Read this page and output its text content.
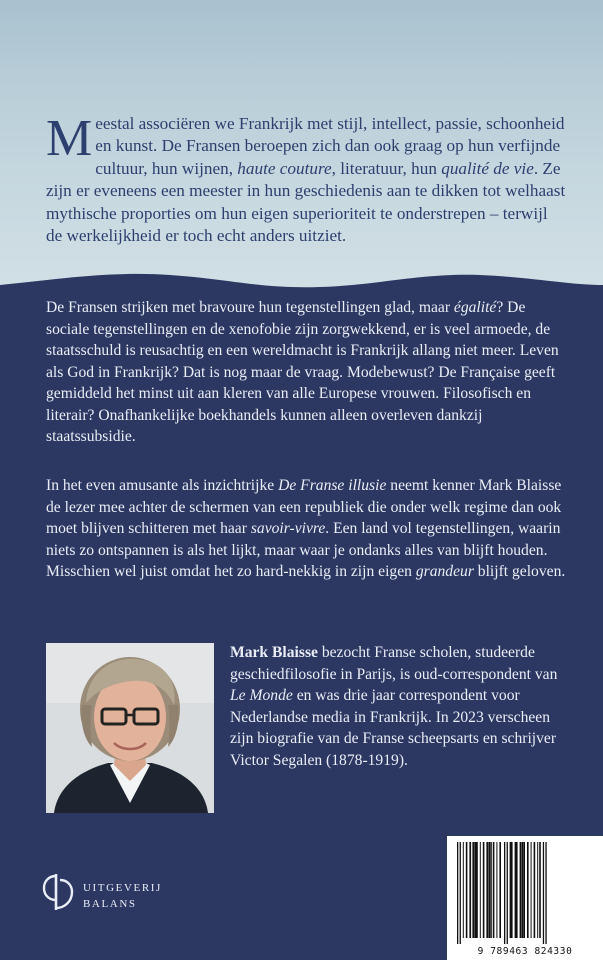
M eestal associëren we Frankrijk met stijl, intellect, passie, schoonheid en kunst. De Fransen beroepen zich dan ook graag op hun verfijnde cultuur, hun wijnen, haute couture, literatuur, hun qualité de vie. Ze zijn er eveneens een meester in hun geschiedenis aan te dikken tot welhaast mythische proporties om hun eigen superioriteit te onderstrepen – terwijl de werkelijkheid er toch echt anders uitziet.
De Fransen strijken met bravoure hun tegenstellingen glad, maar égalité? De sociale tegenstellingen en de xenofobie zijn zorgwekkend, er is veel armoede, de staatsschuld is reusachtig en een wereldmacht is Frankrijk allang niet meer. Leven als God in Frankrijk? Dat is nog maar de vraag. Modebewust? De Française geeft gemiddeld het minst uit aan kleren van alle Europese vrouwen. Filosofisch en literair? Onafhankelijke boekhandels kunnen alleen overleven dankzij staatssubsidie.
In het even amusante als inzichtrijke De Franse illusie neemt kenner Mark Blaisse de lezer mee achter de schermen van een republiek die onder welk regime dan ook moet blijven schitteren met haar savoir-vivre. Een land vol tegenstellingen, waarin niets zo ontspannen is als het lijkt, maar waar je ondanks alles van blijft houden. Misschien wel juist omdat het zo hard-nekkig in zijn eigen grandeur blijft geloven.
Mark Blaisse bezocht Franse scholen, studeerde geschiedfilosofie in Parijs, is oud-correspondent van Le Monde en was drie jaar correspondent voor Nederlandse media in Frankrijk. In 2023 verscheen zijn biografie van de Franse scheepsarts en schrijver Victor Segalen (1878-1919).
UITGEVERIJ
BALANS
9 789463 824330
